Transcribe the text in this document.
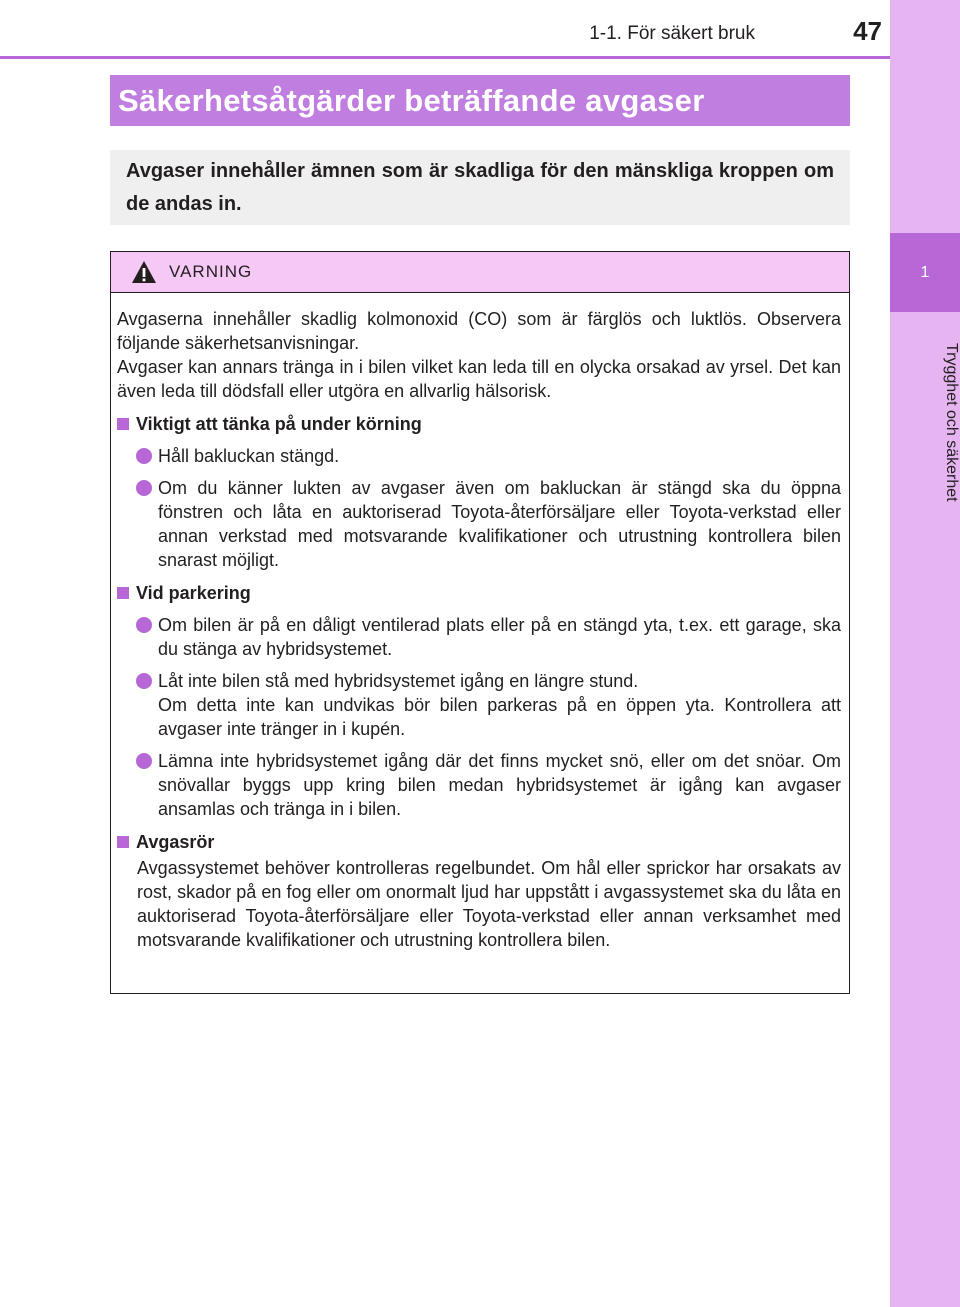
1
Trygghet och säkerhet
1-1. För säkert bruk	47
Säkerhetsåtgärder beträffande avgaser
Avgaser innehåller ämnen som är skadliga för den mänskliga kroppen om de andas in.
VARNING

Avgaserna innehåller skadlig kolmonoxid (CO) som är färglös och luktlös. Observera följande säkerhetsanvisningar.

Avgaser kan annars tränga in i bilen vilket kan leda till en olycka orsakad av yrsel. Det kan även leda till dödsfall eller utgöra en allvarlig hälsorisk.

Viktigt att tänka på under körning
Håll bakluckan stängd.
Om du känner lukten av avgaser även om bakluckan är stängd ska du öppna fönstren och låta en auktoriserad Toyota-återförsäljare eller Toyota-verkstad eller annan verkstad med motsvarande kvalifikationer och utrustning kontrollera bilen snarast möjligt.
Vid parkering
Om bilen är på en dåligt ventilerad plats eller på en stängd yta, t.ex. ett garage, ska du stänga av hybridsystemet.
Låt inte bilen stå med hybridsystemet igång en längre stund.
Om detta inte kan undvikas bör bilen parkeras på en öppen yta. Kontrollera att avgaser inte tränger in i kupén.
Lämna inte hybridsystemet igång där det finns mycket snö, eller om det snöar. Om snövallar byggs upp kring bilen medan hybridsystemet är igång kan avgaser ansamlas och tränga in i bilen.
Avgasrör

Avgassystemet behöver kontrolleras regelbundet. Om hål eller sprickor har orsakats av rost, skador på en fog eller om onormalt ljud har uppstått i avgassystemet ska du låta en auktoriserad Toyota-återförsäljare eller Toyota-verkstad eller annan verksamhet med motsvarande kvalifikationer och utrustning kontrollera bilen.
